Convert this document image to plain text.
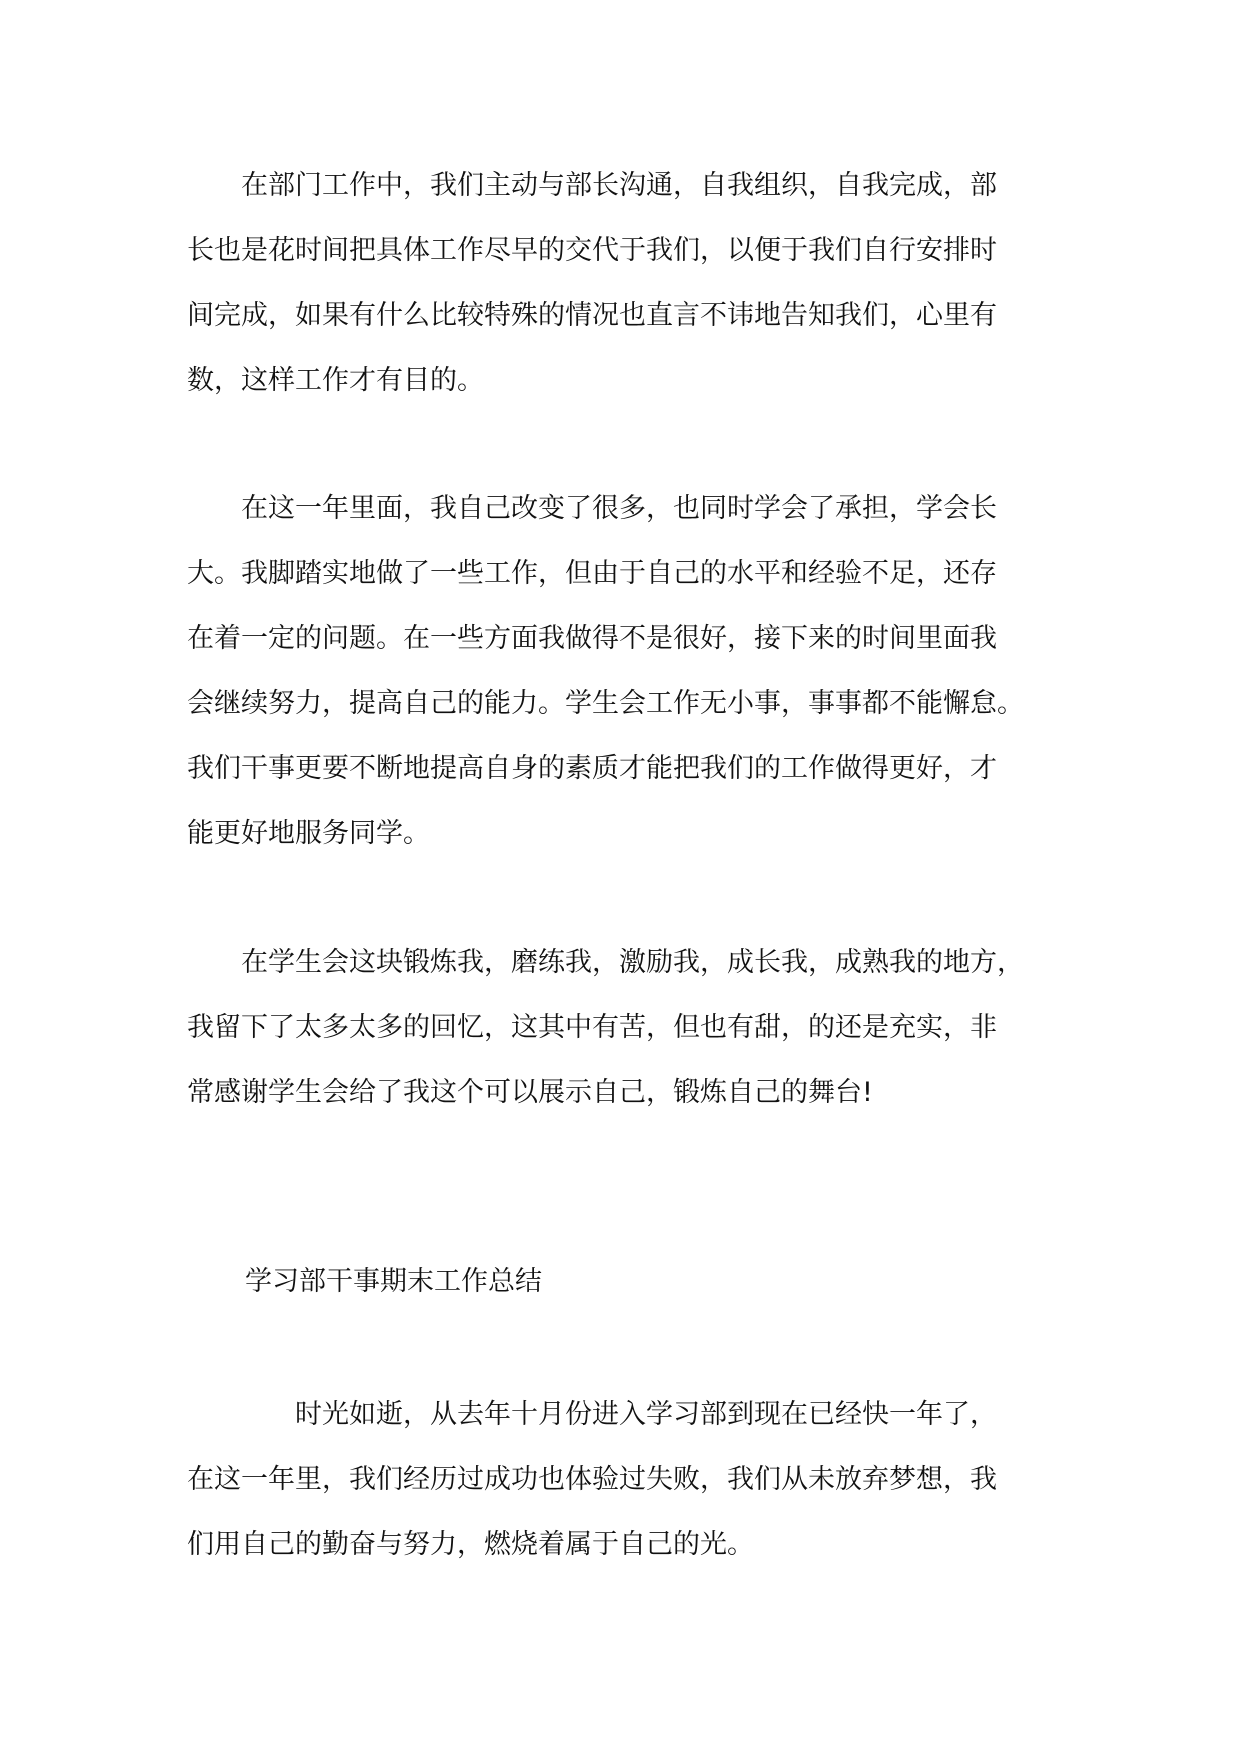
　　在部门工作中，我们主动与部长沟通，自我组织，自我完成，部
长也是花时间把具体工作尽早的交代于我们，以便于我们自行安排时
间完成，如果有什么比较特殊的情况也直言不讳地告知我们，心里有
数，这样工作才有目的。

　　在这一年里面，我自己改变了很多，也同时学会了承担，学会长
大。我脚踏实地做了一些工作，但由于自己的水平和经验不足，还存
在着一定的问题。在一些方面我做得不是很好，接下来的时间里面我
会继续努力，提高自己的能力。学生会工作无小事，事事都不能懈怠。
我们干事更要不断地提高自身的素质才能把我们的工作做得更好，才
能更好地服务同学。

　　在学生会这块锻炼我，磨练我，激励我，成长我，成熟我的地方，
我留下了太多太多的回忆，这其中有苦，但也有甜，的还是充实，非
常感谢学生会给了我这个可以展示自己，锻炼自己的舞台!

学习部干事期末工作总结

　　　　时光如逝，从去年十月份进入学习部到现在已经快一年了，
在这一年里，我们经历过成功也体验过失败，我们从未放弃梦想，我
们用自己的勤奋与努力，燃烧着属于自己的光。
